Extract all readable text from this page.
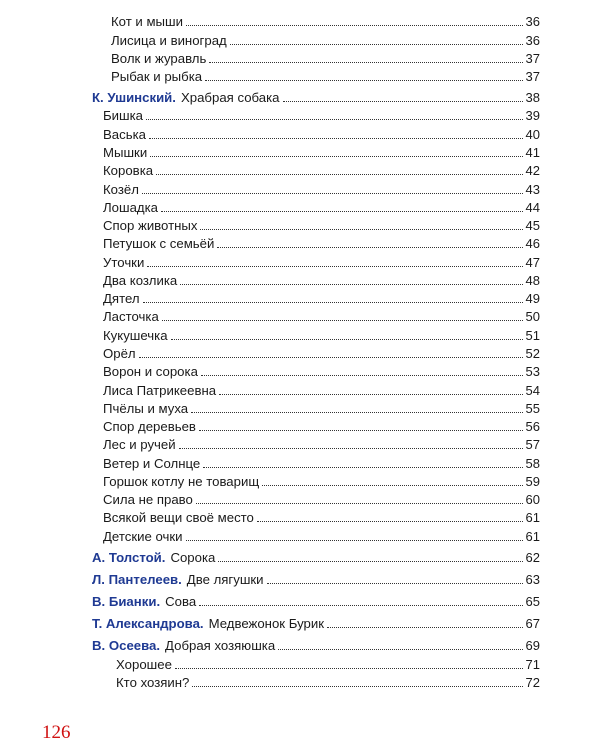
Кот и мыши	36
Лисица и виноград	36
Волк и журавль	37
Рыбак и рыбка	37
К. Ушинский. Храбрая собака	38
Бишка	39
Васька	40
Мышки	41
Коровка	42
Козёл	43
Лошадка	44
Спор животных	45
Петушок с семьёй	46
Уточки	47
Два козлика	48
Дятел	49
Ласточка	50
Кукушечка	51
Орёл	52
Ворон и сорока	53
Лиса Патрикеевна	54
Пчёлы и муха	55
Спор деревьев	56
Лес и ручей	57
Ветер и Солнце	58
Горшок котлу не товарищ	59
Сила не право	60
Всякой вещи своё место	61
Детские очки	61
А. Толстой. Сорока	62
Л. Пантелеев. Две лягушки	63
В. Бианки. Сова	65
Т. Александрова. Медвежонок Бурик	67
В. Осеева. Добрая хозяюшка	69
Хорошее	71
Кто хозяин?	72
126
